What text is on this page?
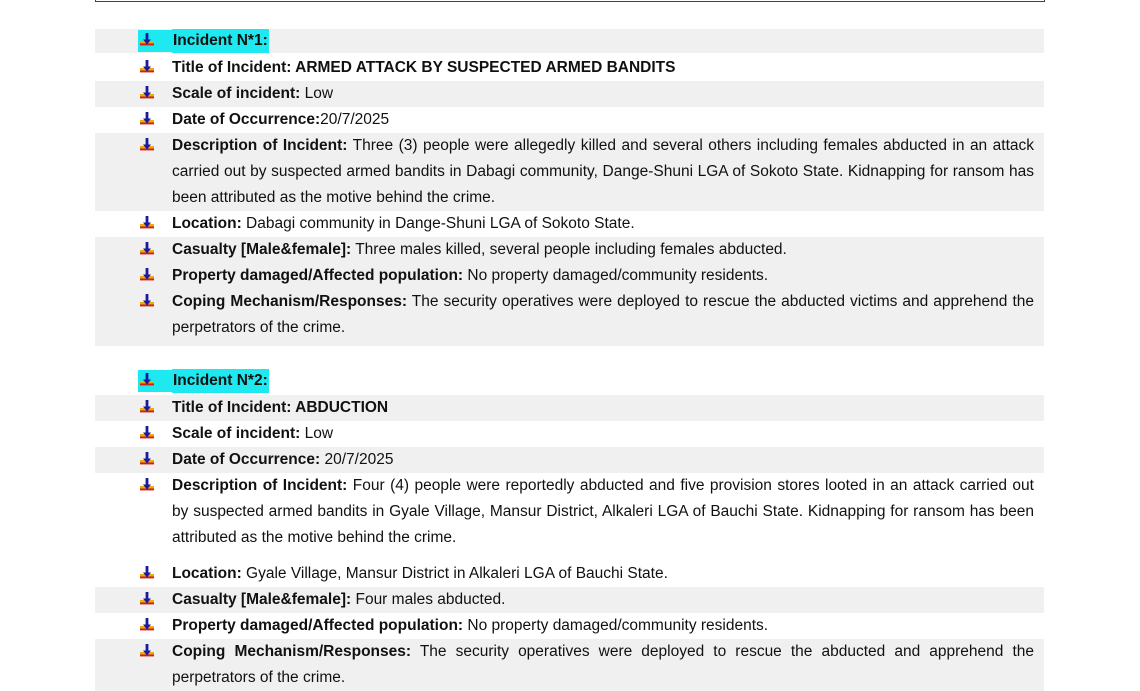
Incident N*1:
Title of Incident: ARMED ATTACK BY SUSPECTED ARMED BANDITS
Scale of incident: Low
Date of Occurrence:20/7/2025
Description of Incident: Three (3) people were allegedly killed and several others including females abducted in an attack carried out by suspected armed bandits in Dabagi community, Dange-Shuni LGA of Sokoto State. Kidnapping for ransom has been attributed as the motive behind the crime.
Location: Dabagi community in Dange-Shuni LGA of Sokoto State.
Casualty [Male&female]: Three males killed, several people including females abducted.
Property damaged/Affected population: No property damaged/community residents.
Coping Mechanism/Responses: The security operatives were deployed to rescue the abducted victims and apprehend the perpetrators of the crime.
Incident N*2:
Title of Incident: ABDUCTION
Scale of incident: Low
Date of Occurrence: 20/7/2025
Description of Incident: Four (4) people were reportedly abducted and five provision stores looted in an attack carried out by suspected armed bandits in Gyale Village, Mansur District, Alkaleri LGA of Bauchi State. Kidnapping for ransom has been attributed as the motive behind the crime.
Location: Gyale Village, Mansur District in Alkaleri LGA of Bauchi State.
Casualty [Male&female]: Four males abducted.
Property damaged/Affected population: No property damaged/community residents.
Coping Mechanism/Responses: The security operatives were deployed to rescue the abducted and apprehend the perpetrators of the crime.
